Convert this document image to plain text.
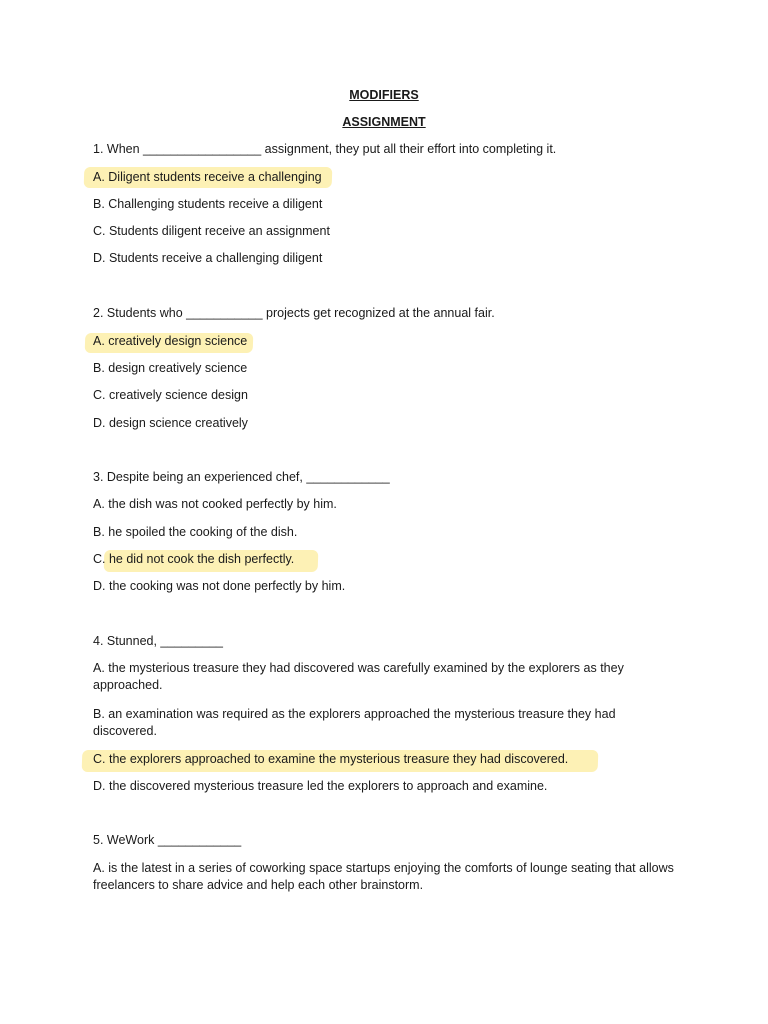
MODIFIERS
ASSIGNMENT
1. When _________________ assignment, they put all their effort into completing it.
A. Diligent students receive a challenging
B. Challenging students receive a diligent
C. Students diligent receive an assignment
D. Students receive a challenging diligent
2. Students who ___________ projects get recognized at the annual fair.
A. creatively design science
B. design creatively science
C. creatively science design
D. design science creatively
3. Despite being an experienced chef, ____________
A. the dish was not cooked perfectly by him.
B. he spoiled the cooking of the dish.
C. he did not cook the dish perfectly.
D. the cooking was not done perfectly by him.
4. Stunned, _________
A. the mysterious treasure they had discovered was carefully examined by the explorers as they approached.
B. an examination was required as the explorers approached the mysterious treasure they had discovered.
C. the explorers approached to examine the mysterious treasure they had discovered.
D. the discovered mysterious treasure led the explorers to approach and examine.
5. WeWork ____________
A. is the latest in a series of coworking space startups enjoying the comforts of lounge seating that allows freelancers to share advice and help each other brainstorm.
